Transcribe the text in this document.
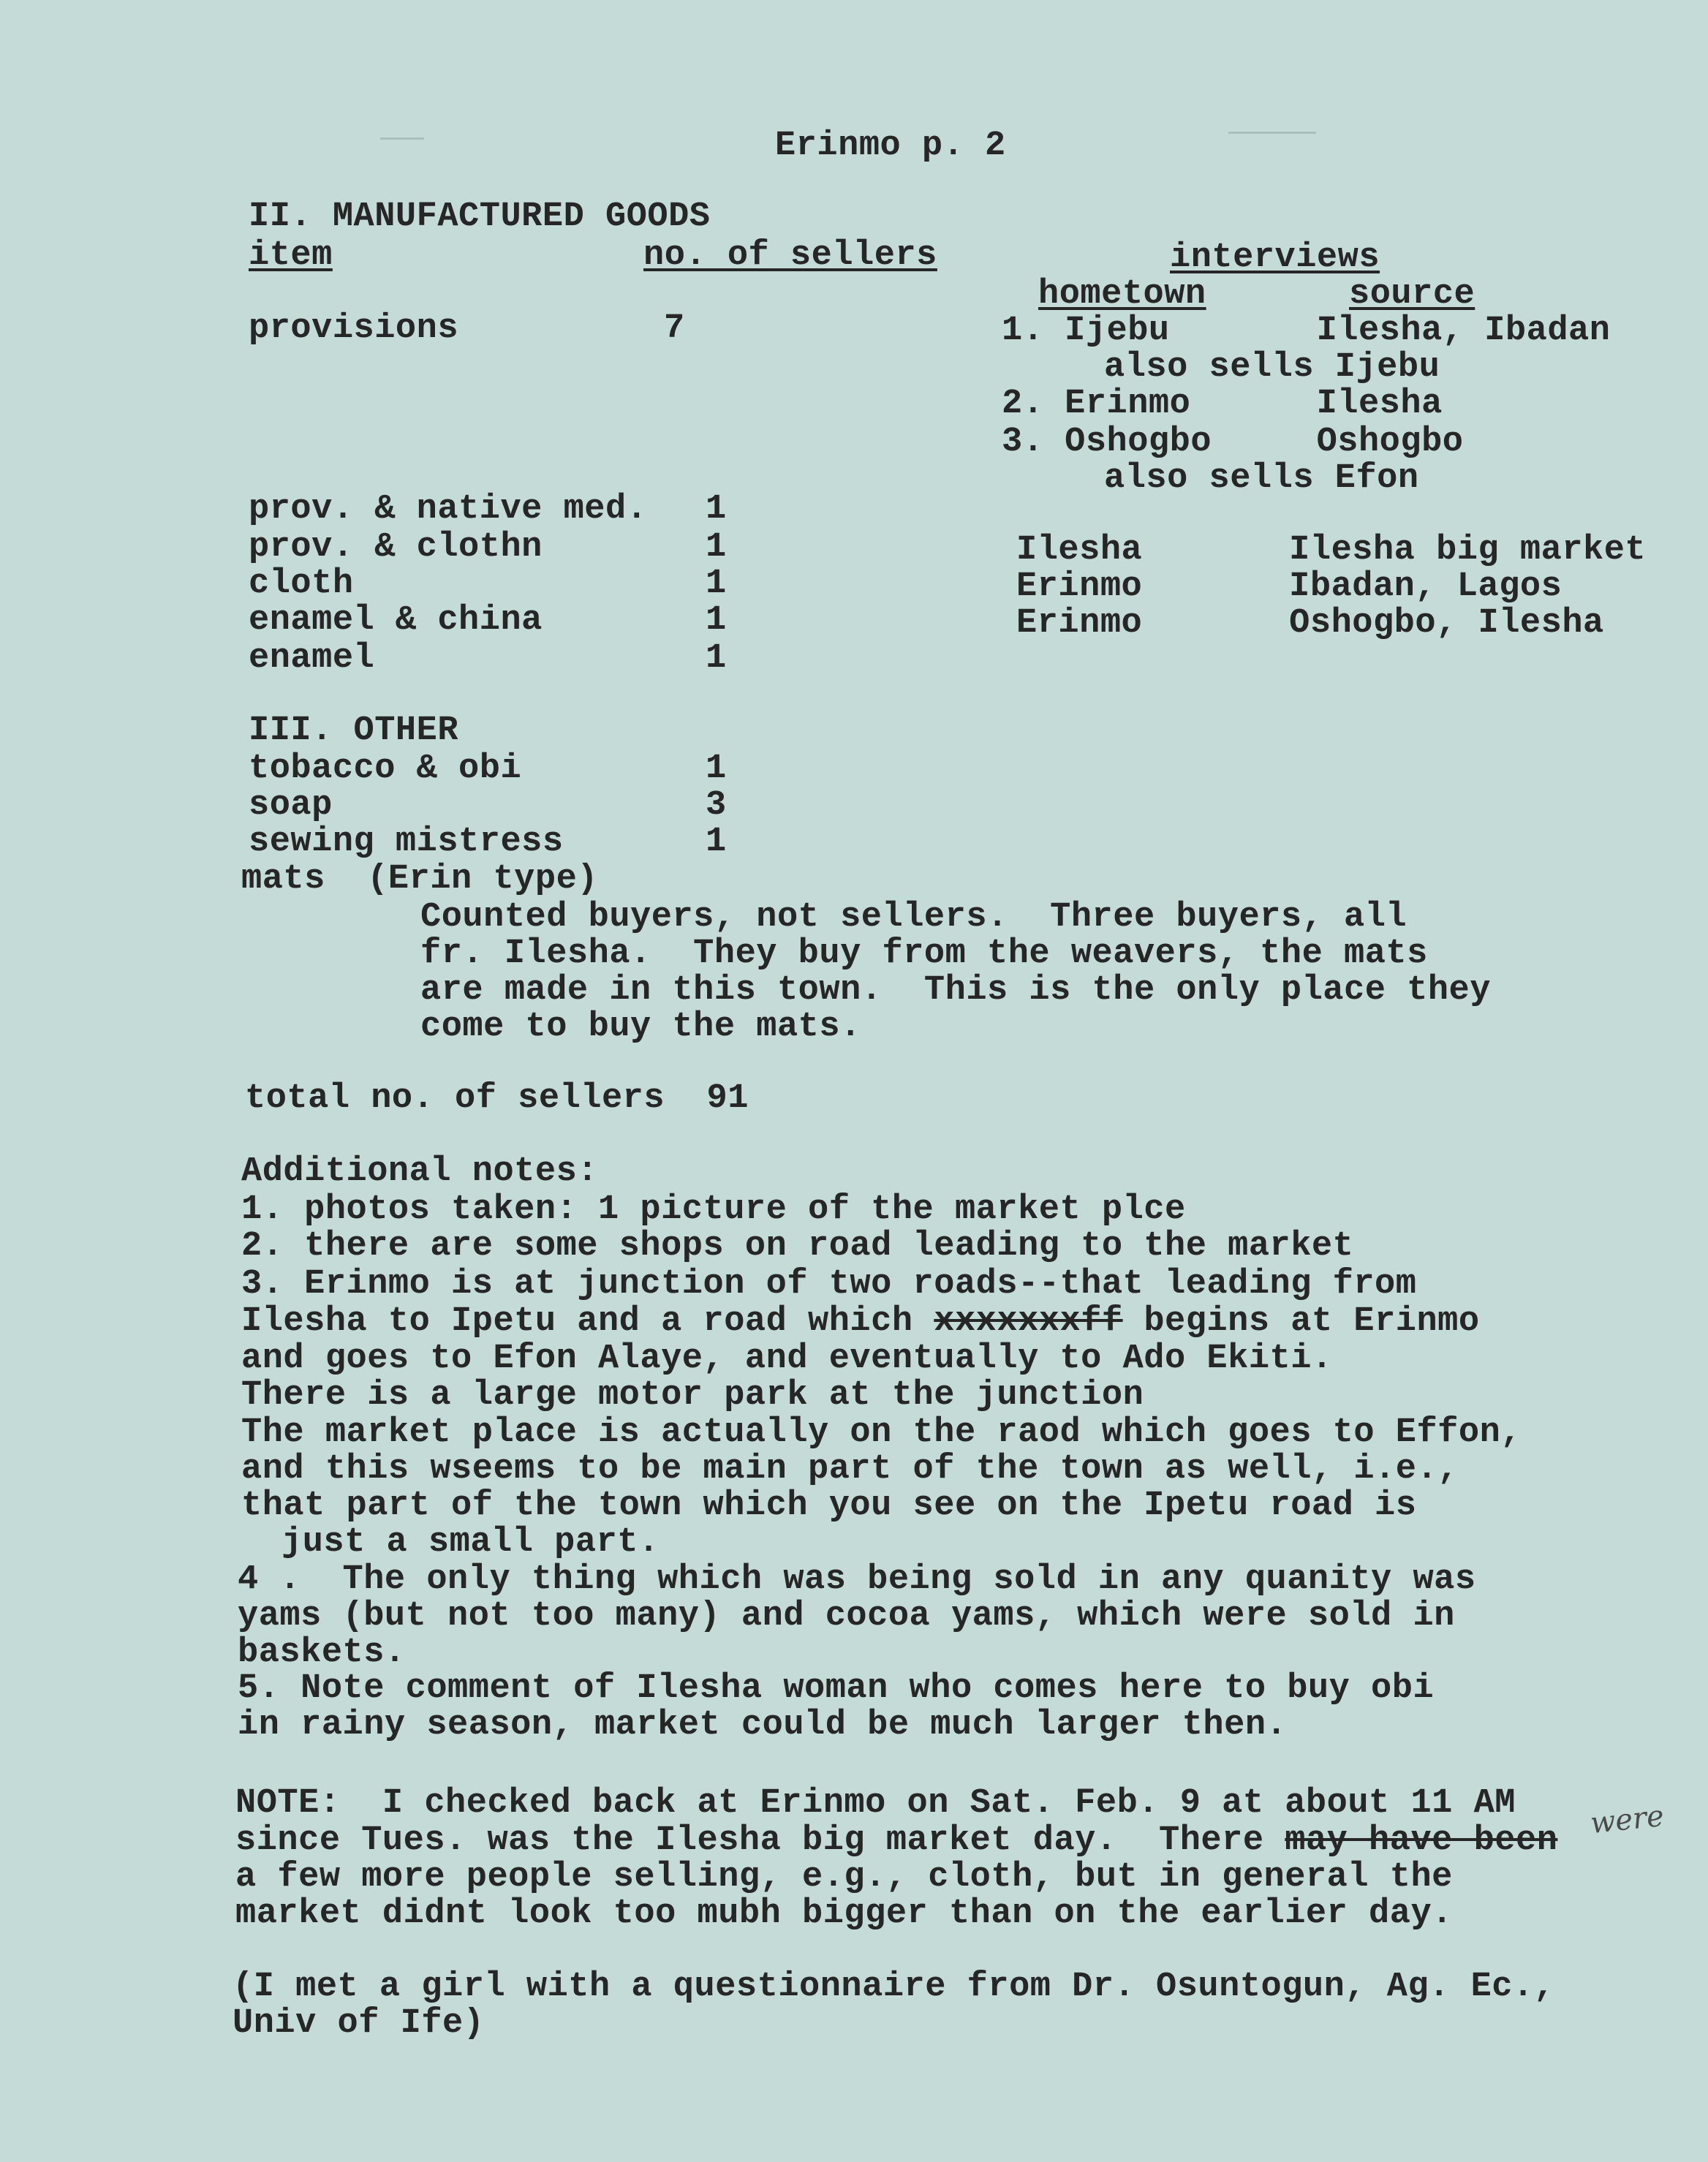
Erinmo p. 2
II. MANUFACTURED GOODS
item	no. of sellers	interviews
hometown	source
provisions	7	1. Ijebu       Ilesha, Ibadan
also sells Ijebu
2. Erinmo      Ilesha
3. Oshogbo     Oshogbo
also sells Efon
prov. & native med. 1
prov. & clothn	1
cloth	1
enamel & china	1
enamel	1
Ilesha       Ilesha big market
Erinmo       Ibadan, Lagos
Erinmo       Oshogbo, Ilesha
III. OTHER
tobacco & obi	1
soap	3
sewing mistress	1
mats  (Erin type)
Counted buyers, not sellers.  Three buyers, all
fr. Ilesha.  They buy from the weavers, the mats
are made in this town.  This is the only place they
come to buy the mats.
total no. of sellers  91
Additional notes:
1. photos taken: 1 picture of the market plce
2. there are some shops on road leading to the market
3. Erinmo is at junction of two roads--that leading from
Ilesha to Ipetu and a road which xxxxxxxff begins at Erinmo
and goes to Efon Alaye, and eventually to Ado Ekiti.
There is a large motor park at the junction
The market place is actually on the raod which goes to Effon,
and this wseems to be main part of the town as well, i.e.,
that part of the town which you see on the Ipetu road is
just a small part.
4 .  The only thing which was being sold in any quanity was
yams (but not too many) and cocoa yams, which were sold in
baskets.
5. Note comment of Ilesha woman who comes here to buy obi
in rainy season, market could be much larger then.
NOTE:  I checked back at Erinmo on Sat. Feb. 9 at about 11 AM were
since Tues. was the Ilesha big market day.  There may have been
a few more people selling, e.g., cloth, but in general the
market didnt look too mubh bigger than on the earlier day.
(I met a girl with a questionnaire from Dr. Osuntogun, Ag. Ec.,
Univ of Ife)
